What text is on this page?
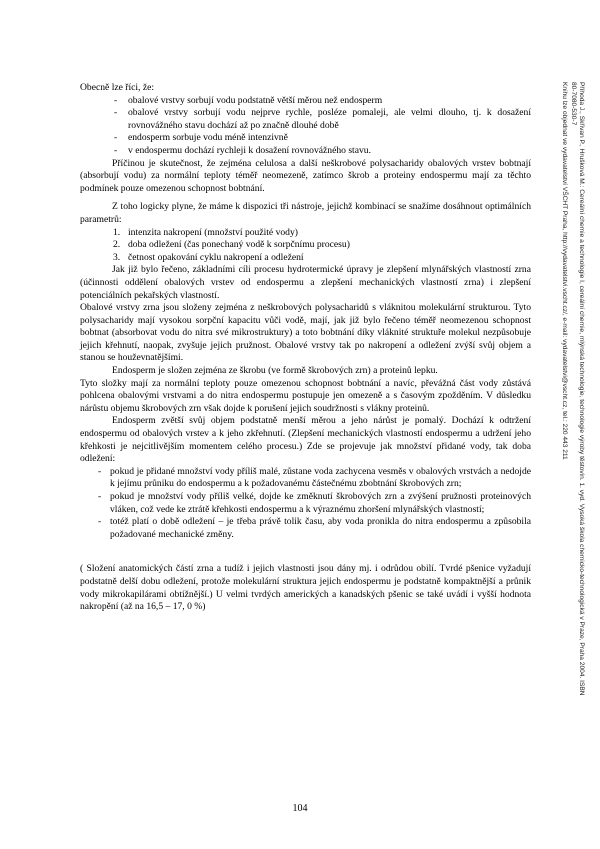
Obecně lze říci, že:

- obalové vrstvy sorbují vodu podstatně větší měrou než endosperm
- obalové vrstvy sorbují vodu nejprve rychle, posléze pomaleji, ale velmi dlouho, tj. k dosažení rovnovážného stavu dochází až po značně dlouhé době
- endosperm sorbuje vodu méně intenzivně
- v endospermu dochází rychleji k dosažení rovnovážného stavu.

Příčinou je skutečnost, že zejména celulosa a další neškrobové polysacharidy obalových vrstev bobtnají (absorbují vodu) za normální teploty téměř neomezeně, zatímco škrob a proteiny endospermu mají za těchto podmínek pouze omezenou schopnost bobtnání.

Z toho logicky plyne, že máme k dispozici tři nástroje, jejichž kombinací se snažíme dosáhnout optimálních parametrů:

1. intenzita nakropení (množství použité vody)
2. doba odležení (čas ponechaný vodě k sorpčnímu procesu)
3. četnost opakování cyklu nakropení a odležení

Jak již bylo řečeno, základními cíli procesu hydrotermické úpravy je zlepšení mlynářských vlastností zrna (účinnosti oddělení obalových vrstev od endospermu a zlepšení mechanických vlastností zrna) i zlepšení potenciálních pekařských vlastností.

Obalové vrstvy zrna jsou složeny zejména z neškrobových polysacharidů s vláknitou molekulární strukturou. Tyto polysacharidy mají vysokou sorpční kapacitu vůči vodě, mají, jak již bylo řečeno téměř neomezenou schopnost bobtnat (absorbovat vodu do nitra své mikrostruktury) a toto bobtnání díky vláknité struktuře molekul nezpůsobuje jejich křehnutí, naopak, zvyšuje jejich pružnost. Obalové vrstvy tak po nakropení a odležení zvýší svůj objem a stanou se houževnatějšími.

Endosperm je složen zejména ze škrobu (ve formě škrobových zrn) a proteinů lepku.

Tyto složky mají za normální teploty pouze omezenou schopnost bobtnání a navíc, převážná část vody zůstává pohlcena obalovými vrstvami a do nitra endospermu postupuje jen omezeně a s časovým zpožděním. V důsledku nárůstu objemu škrobových zrn však dojde k porušení jejich soudržnosti s vlákny proteinů.

Endosperm zvětší svůj objem podstatně menší měrou a jeho nárůst je pomalý. Dochází k odtržení endospermu od obalových vrstev a k jeho zkřehnutí. (Zlepšení mechanických vlastností endospermu a udržení jeho křehkosti je nejcitlivějším momentem celého procesu.) Zde se projevuje jak množství přidané vody, tak doba odležení:

- pokud je přidané množství vody příliš malé, zůstane voda zachycena vesměs v obalových vrstvách a nedojde k jejímu průniku do endospermu a k požadovanému částečnému zbobtnání škrobových zrn;
- pokud je množství vody příliš velké, dojde ke změknutí škrobových zrn a zvýšení pružnosti proteinových vláken, což vede ke ztrátě křehkosti endospermu a k výraznému zhoršení mlynářských vlastností;
- totéž platí o době odležení – je třeba právě tolik času, aby voda pronikla do nitra endospermu a způsobila požadované mechanické změny.

( Složení anatomických částí zrna a tudíž i jejich vlastnosti jsou dány mj. i odrůdou obilí. Tvrdé pšenice vyžadují podstatně delší dobu odležení, protože molekulární struktura jejich endospermu je podstatně kompaktnější a průnik vody mikrokapilárami obtížnější.) U velmi tvrdých amerických a kanadských pšenic se také uvádí i vyšší hodnota nakropění (až na 16,5 – 17, 0 %)

104
Příhoda J., Skřivan P., Hrušková M.: Cereální chemie a technologie I, cereální chemie, mlýnská technologie, technologie výroby těstovin. 1. vyd. Vysoká škola chemicko-technologická v Praze, Praha 2004. ISBN
80-7080-530-7
Knihu lze objednat ve vydavatelství VŠCHT Praha, http://vydavatelstvi.vscht.cz/, e-mail: vydavatelstvi@vscht.cz, tel.: 220 443 211
